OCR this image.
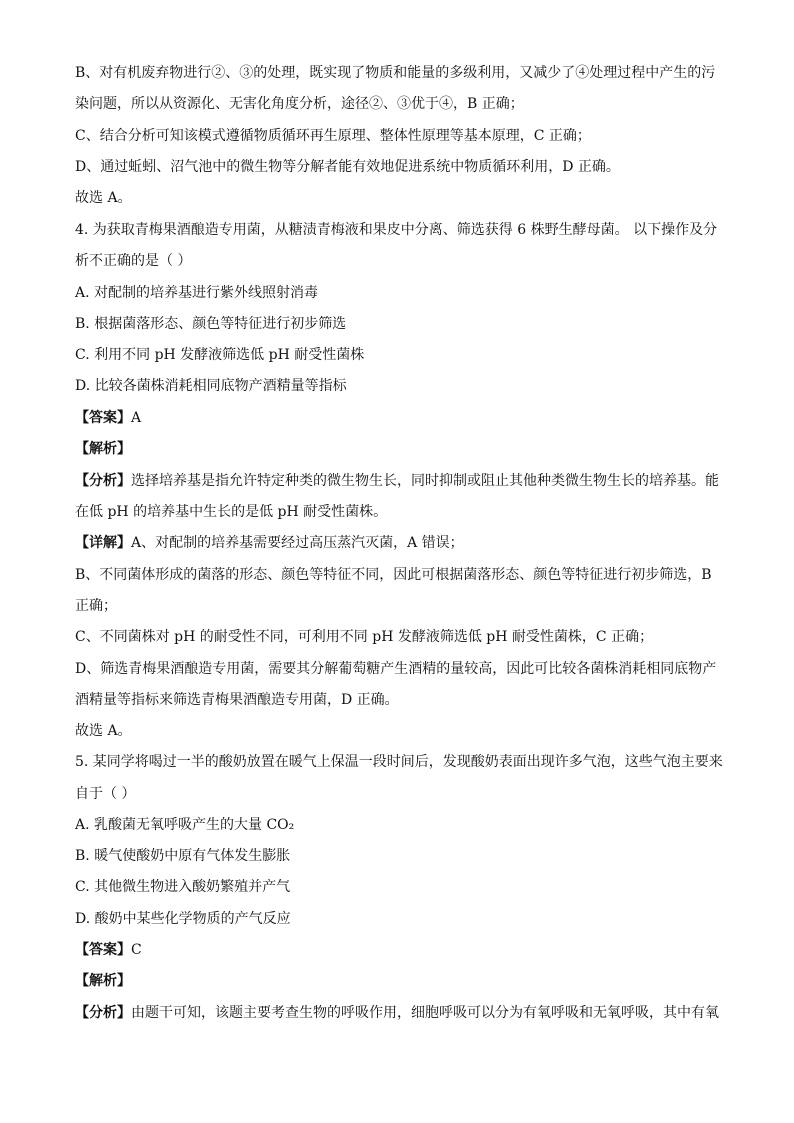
B、对有机废弃物进行②、③的处理，既实现了物质和能量的多级利用，又减少了④处理过程中产生的污
染问题，所以从资源化、无害化角度分析，途径②、③优于④，B 正确；
C、结合分析可知该模式遵循物质循环再生原理、整体性原理等基本原理，C 正确；
D、通过蚯蚓、沼气池中的微生物等分解者能有效地促进系统中物质循环利用，D 正确。
故选 A。
4. 为获取青梅果酒酿造专用菌，从糖渍青梅液和果皮中分离、筛选获得 6 株野生酵母菌。 以下操作及分
析不正确的是（ ）
A. 对配制的培养基进行紫外线照射消毒
B. 根据菌落形态、颜色等特征进行初步筛选
C. 利用不同 pH 发酵液筛选低 pH 耐受性菌株
D. 比较各菌株消耗相同底物产酒精量等指标
【答案】A
【解析】
【分析】选择培养基是指允许特定种类的微生物生长，同时抑制或阻止其他种类微生物生长的培养基。能
在低 pH 的培养基中生长的是低 pH 耐受性菌株。
【详解】A、对配制的培养基需要经过高压蒸汽灭菌，A 错误；
B、不同菌体形成的菌落的形态、颜色等特征不同，因此可根据菌落形态、颜色等特征进行初步筛选，B
正确；
C、不同菌株对 pH 的耐受性不同，可利用不同 pH 发酵液筛选低 pH 耐受性菌株，C 正确；
D、筛选青梅果酒酿造专用菌，需要其分解葡萄糖产生酒精的量较高，因此可比较各菌株消耗相同底物产
酒精量等指标来筛选青梅果酒酿造专用菌，D 正确。
故选 A。
5. 某同学将喝过一半的酸奶放置在暖气上保温一段时间后，发现酸奶表面出现许多气泡，这些气泡主要来
自于（ ）
A. 乳酸菌无氧呼吸产生的大量 CO₂
B. 暖气使酸奶中原有气体发生膨胀
C. 其他微生物进入酸奶繁殖并产气
D. 酸奶中某些化学物质的产气反应
【答案】C
【解析】
【分析】由题干可知，该题主要考查生物的呼吸作用，细胞呼吸可以分为有氧呼吸和无氧呼吸，其中有氧
